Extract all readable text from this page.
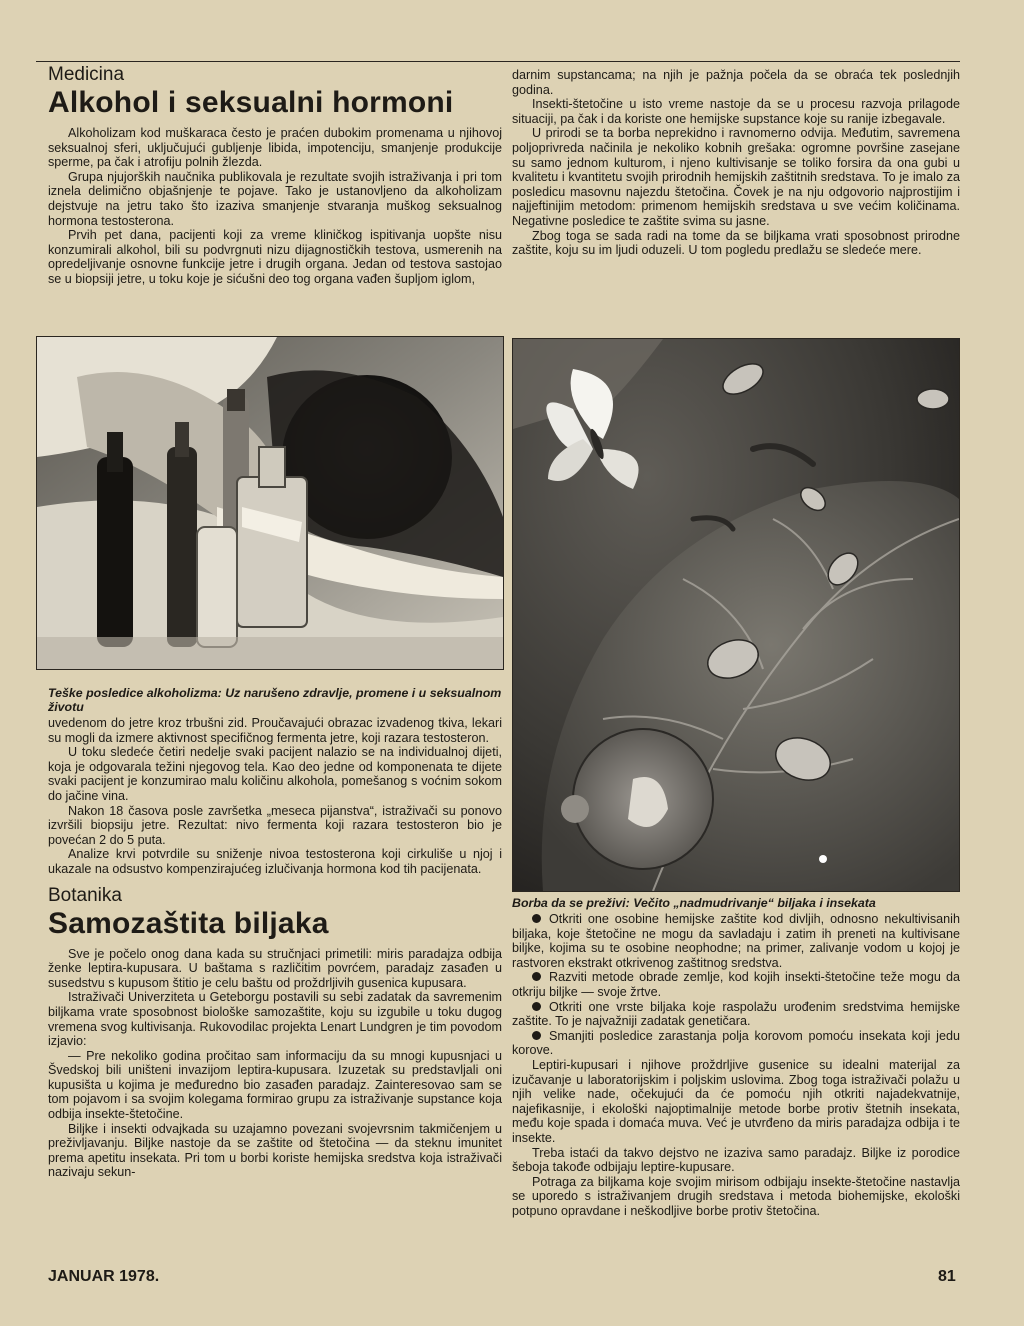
Medicina

Alkohol i seksualni hormoni

Alkoholizam kod muškaraca često je praćen dubokim promenama u njihovoj seksualnoj sferi, uključujući gubljenje libida, impotenciju, smanjenje produkcije sperme, pa čak i atrofiju polnih žlezda.

Grupa njujorških naučnika publikovala je rezultate svojih istraživanja i pri tom iznela delimično objašnjenje te pojave. Tako je ustanovljeno da alkoholizam dejstvuje na jetru tako što izaziva smanjenje stvaranja muškog seksualnog hormona testosterona.

Prvih pet dana, pacijenti koji za vreme kliničkog ispitivanja uopšte nisu konzumirali alkohol, bili su podvrgnuti nizu dijagnostičkih testova, usmerenih na opredeljivanje osnovne funkcije jetre i drugih organa. Jedan od testova sastojao se u biopsiji jetre, u toku koje je sićušni deo tog organa vađen šupljom iglom,

Teške posledice alkoholizma: Uz narušeno zdravlje, promene i u seksualnom životu

uvedenom do jetre kroz trbušni zid. Proučavajući obrazac izvadenog tkiva, lekari su mogli da izmere aktivnost specifičnog fermenta jetre, koji razara testosteron.

U toku sledeće četiri nedelje svaki pacijent nalazio se na individualnoj dijeti, koja je odgovarala težini njegovog tela. Kao deo jedne od komponenata te dijete svaki pacijent je konzumirao malu količinu alkohola, pomešanog s voćnim sokom do jačine vina.

Nakon 18 časova posle završetka „meseca pijanstva“, istraživači su ponovo izvršili biopsiju jetre. Rezultat: nivo fermenta koji razara testosteron bio je povećan 2 do 5 puta.

Analize krvi potvrdile su sniženje nivoa testosterona koji cirkuliše u njoj i ukazale na odsustvo kompenzirajućeg izlučivanja hormona kod tih pacijenata.

Botanika

Samozaštita biljaka

Sve je počelo onog dana kada su stručnjaci primetili: miris paradajza odbija ženke leptira-kupusara. U baštama s različitim povrćem, paradajz zasađen u susedstvu s kupusom štitio je celu baštu od proždrljivih gusenica kupusara.

Istraživači Univerziteta u Geteborgu postavili su sebi zadatak da savremenim biljkama vrate sposobnost biološke samozaštite, koju su izgubile u toku dugog vremena svog kultivisanja. Rukovodilac projekta Lenart Lundgren je tim povodom izjavio:

— Pre nekoliko godina pročitao sam informaciju da su mnogi kupusnjaci u Švedskoj bili uništeni invazijom leptira-kupusara. Izuzetak su predstavljali oni kupusišta u kojima je međuredno bio zasađen paradajz. Zainteresovao sam se tom pojavom i sa svojim kolegama formirao grupu za istraživanje supstance koja odbija insekte-štetočine.

Biljke i insekti odvajkada su uzajamno povezani svojevrsnim takmičenjem u preživljavanju. Biljke nastoje da se zaštite od štetočina — da steknu imunitet prema apetitu insekata. Pri tom u borbi koriste hemijska sredstva koja istraživači nazivaju sekun-

darnim supstancama; na njih je pažnja počela da se obraća tek poslednjih godina.

Insekti-štetočine u isto vreme nastoje da se u procesu razvoja prilagode situaciji, pa čak i da koriste one hemijske supstance koje su ranije izbegavale.

U prirodi se ta borba neprekidno i ravnomerno odvija. Međutim, savremena poljoprivreda načinila je nekoliko kobnih grešaka: ogromne površine zasejane su samo jednom kulturom, i njeno kultivisanje se toliko forsira da ona gubi u kvalitetu i kvantitetu svojih prirodnih hemijskih zaštitnih sredstava. To je imalo za posledicu masovnu najezdu štetočina. Čovek je na nju odgovorio najprostijim i najjeftinijim metodom: primenom hemijskih sredstava u sve većim količinama. Negativne posledice te zaštite svima su jasne.

Zbog toga se sada radi na tome da se biljkama vrati sposobnost prirodne zaštite, koju su im ljudi oduzeli. U tom pogledu predlažu se sledeće mere.

Borba da se preživi: Večito „nadmudrivanje“ biljaka i insekata

Otkriti one osobine hemijske zaštite kod divljih, odnosno nekultivisanih biljaka, koje štetočine ne mogu da savladaju i zatim ih preneti na kultivisane biljke, kojima su te osobine neophodne; na primer, zalivanje vodom u kojoj je rastvoren ekstrakt otkrivenog zaštitnog sredstva.

Razviti metode obrade zemlje, kod kojih insekti-štetočine teže mogu da otkriju biljke — svoje žrtve.

Otkriti one vrste biljaka koje raspolažu urođenim sredstvima hemijske zaštite. To je najvažniji zadatak genetičara.

Smanjiti posledice zarastanja polja korovom pomoću insekata koji jedu korove.

Leptiri-kupusari i njihove proždrljive gusenice su idealni materijal za izučavanje u laboratorijskim i poljskim uslovima. Zbog toga istraživači polažu u njih velike nade, očekujući da će pomoću njih otkriti najadekvatnije, najefikasnije, i ekološki najoptimalnije metode borbe protiv štetnih insekata, među koje spada i domaća muva. Već je utvrđeno da miris paradajza odbija i te insekte.

Treba istaći da takvo dejstvo ne izaziva samo paradajz. Biljke iz porodice šeboja takođe odbijaju leptire-kupusare.

Potraga za biljkama koje svojim mirisom odbijaju insekte-štetočine nastavlja se uporedo s istraživanjem drugih sredstava i metoda biohemijske, ekološki potpuno opravdane i neškodljive borbe protiv štetočina.

JANUAR 1978.	81
